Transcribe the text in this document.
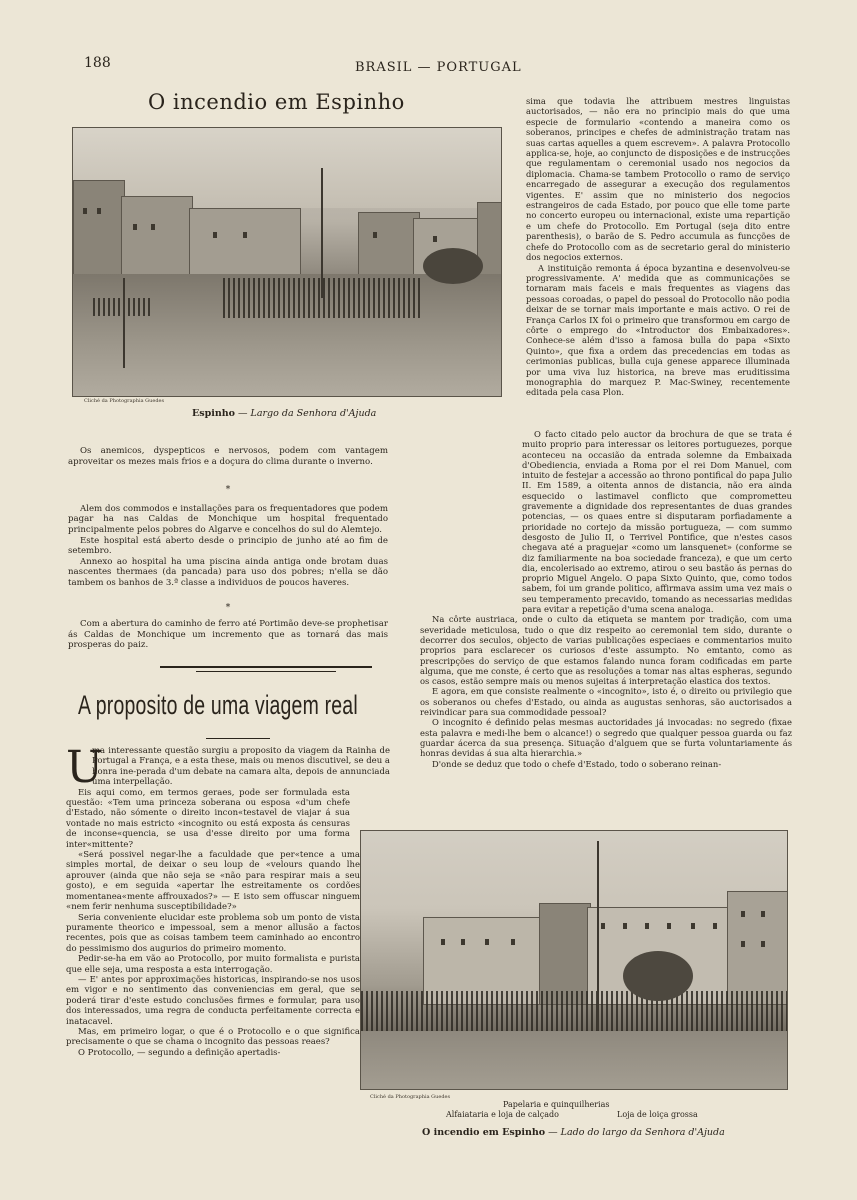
188	BRASIL — PORTUGAL
O incendio em Espinho
Cliché da Photographia Guedes
Espinho — Largo da Senhora d'Ajuda

Os anemicos, dyspepticos e nervosos, podem com vantagem aproveitar os mezes mais frios e a doçura do clima durante o inverno.

*

Alem dos commodos e installações para os frequentadores que podem pagar ha nas Caldas de Monchique um hospital frequentado principalmente pelos pobres do Algarve e concelhos do sul do Alemtejo.

Este hospital está aberto desde o principio de junho até ao fim de setembro.

Annexo ao hospital ha uma piscina ainda antiga onde brotam duas nascentes thermaes (da pancada) para uso dos pobres; n'ella se dão tambem os banhos de 3.ª classe a individuos de poucos haveres.

*

Com a abertura do caminho de ferro até Portimão deve-se prophetisar ás Caldas de Monchique um incremento que as tornará das mais prosperas do paiz.

A proposito de uma viagem real
U

ma interessante questão surgiu a proposito da viagem da Rainha de Portugal a França, e a esta these, mais ou menos discutivel, se deu a honra ine-perada d'um debate na camara alta, depois de annunciada uma interpellação.

Eis aqui como, em termos geraes, pode ser formulada esta questão: «Tem uma princeza soberana ou esposa «d'um chefe d'Estado, não sómente o direito incon«testavel de viajar á sua vontade no mais estricto «incognito ou está exposta ás censuras de inconse«quencia, se usa d'esse direito por uma forma inter«mittente?

«Será possivel negar-lhe a faculdade que per«tence a uma simples mortal, de deixar o seu loup de «velours quando lhe aprouver (ainda que não seja se «não para respirar mais a seu gosto), e em seguida «apertar lhe estreitamente os cordões momentanea«mente affrouxados?» — E isto sem offuscar ninguem «nem ferir nenhuma susceptibilidade?»

Seria conveniente elucidar este problema sob um ponto de vista puramente theorico e impessoal, sem a menor allusão a factos recentes, pois que as coisas tambem teem caminhado ao encontro do pessimismo dos augurios do primeiro momento.

Pedir-se-ha em vão ao Protocollo, por muito formalista e purista que elle seja, uma resposta a esta interrogação.

— E' antes por approximações historicas, inspirando-se nos usos em vigor e no sentimento das conveniencias em geral, que se poderá tirar d'este estudo conclusões firmes e formular, para uso dos interessados, uma regra de conducta perfeitamente correcta e inatacavel.

Mas, em primeiro logar, o que é o Protocollo e o que significa precisamente o que se chama o incognito das pessoas reaes?

O Protocollo, — segundo a definição apertadis-

sima que todavia lhe attribuem mestres linguistas auctorisados, — não era no principio mais do que uma especie de formulario «contendo a maneira como os soberanos, principes e chefes de administração tratam nas suas cartas aquelles a quem escrevem». A palavra Protocollo applica-se, hoje, ao conjuncto de disposições e de instrucções que regulamentam o ceremonial usado nos negocios da diplomacia. Chama-se tambem Protocollo o ramo de serviço encarregado de assegurar a execução dos regulamentos vigentes. E' assim que no ministerio dos negocios estrangeiros de cada Estado, por pouco que elle tome parte no concerto europeu ou internacional, existe uma repartição e um chefe do Protocollo. Em Portugal (seja dito entre parenthesis), o barão de S. Pedro accumula as funcções de chefe do Protocollo com as de secretario geral do ministerio dos negocios externos.

A instituição remonta á época byzantina e desenvolveu-se progressivamente. A' medida que as communicações se tornaram mais faceis e mais frequentes as viagens das pessoas coroadas, o papel do pessoal do Protocollo não podia deixar de se tornar mais importante e mais activo. O rei de França Carlos IX foi o primeiro que transformou em cargo de côrte o emprego do «Introductor dos Embaixadores». Conhece-se além d'isso a famosa bulla do papa «Sixto Quinto», que fixa a ordem das precedencias em todas as cerimonias publicas, bulla cuja genese apparece illuminada por uma viva luz historica, na breve mas eruditissima monographia do marquez P. Mac-Swiney, recentemente editada pela casa Plon.

O facto citado pelo auctor da brochura de que se trata é muito proprio para interessar os leitores portuguezes, porque aconteceu na occasião da entrada solemne da Embaixada d'Obediencia, enviada a Roma por el rei Dom Manuel, com intuito de festejar a accessão ao throno pontifical do papa Julio II. Em 1589, a oitenta annos de distancia, não era ainda esquecido o lastimavel conflicto que comprometteu gravemente a dignidade dos representantes de duas grandes potencias, — os quaes entre si disputaram porfiadamente a prioridade no cortejo da missão portugueza, — com summo desgosto de Julio II, o Terrivel Pontifice, que n'estes casos chegava até a praguejar «como um lansquenet» (conforme se diz familiarmente na boa sociedade franceza), e que um certo dia, encolerisado ao extremo, atirou o seu bastão ás pernas do proprio Miguel Angelo. O papa Sixto Quinto, que, como todos sabem, foi um grande politico, affirmava assim uma vez mais o seu temperamento precavido, tomando as necessarias medidas para evitar a repetição d'uma scena analoga.

Na côrte austriaca, onde o culto da etiqueta se mantem por tradição, com uma severidade meticulosa, tudo o que diz respeito ao ceremonial tem sido, durante o decorrer dos seculos, objecto de varias publicações especiaes e commentarios muito proprios para esclarecer os curiosos d'este assumpto. No emtanto, como as prescripções do serviço de que estamos falando nunca foram codificadas em parte alguma, que me conste, é certo que as resoluções a tomar nas altas espheras, segundo os casos, estão sempre mais ou menos sujeitas á interpretação elastica dos textos.

E agora, em que consiste realmente o «incognito», isto é, o direito ou privilegio que os soberanos ou chefes d'Estado, ou ainda as augustas senhoras, são auctorisados a reivindicar para sua commodidade pessoal?

O incognito é definido pelas mesmas auctoridades já invocadas: no segredo (fixae esta palavra e medi-lhe bem o alcance!) o segredo que qualquer pessoa guarda ou faz guardar ácerca da sua presença. Situação d'alguem que se furta voluntariamente ás honras devidas á sua alta hierarchia.»

D'onde se deduz que todo o chefe d'Estado, todo o soberano reinan-

Cliché da Photographia Guedes
Papelaria e quinquilherias
Alfaiataria e loja de calçado	Loja de loiça grossa
O incendio em Espinho — Lado do largo da Senhora d'Ajuda
